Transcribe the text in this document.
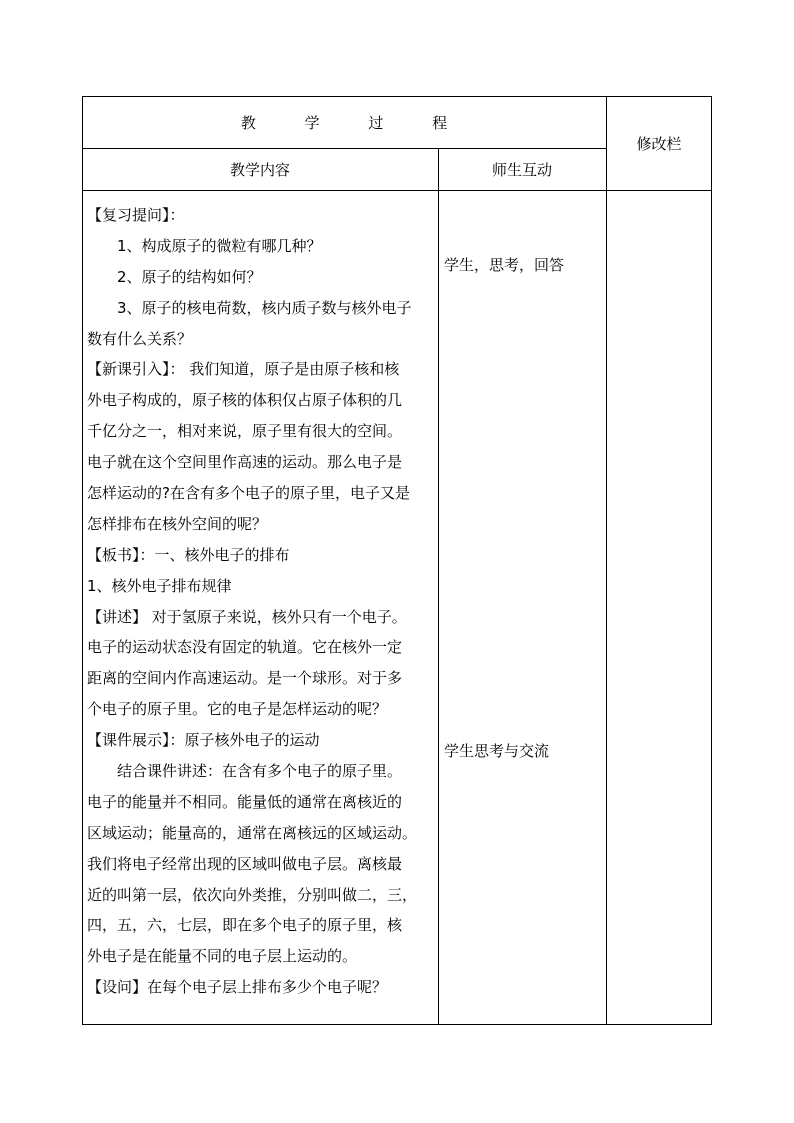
教 学 过 程
修改栏
教学内容	师生互动
【复习提问】：
1、构成原子的微粒有哪几种？
2、原子的结构如何？
3、原子的核电荷数，核内质子数与核外电子
数有什么关系？
【新课引入】： 我们知道，原子是由原子核和核
外电子构成的，原子核的体积仅占原子体积的几
千亿分之一，相对来说，原子里有很大的空间。
电子就在这个空间里作高速的运动。那么电子是
怎样运动的?在含有多个电子的原子里，电子又是
怎样排布在核外空间的呢？
【板书】：一、核外电子的排布
1、核外电子排布规律
【讲述】 对于氢原子来说，核外只有一个电子。
电子的运动状态没有固定的轨道。它在核外一定
距离的空间内作高速运动。是一个球形。对于多
个电子的原子里。它的电子是怎样运动的呢？
【课件展示】：原子核外电子的运动
结合课件讲述：在含有多个电子的原子里。
电子的能量并不相同。能量低的通常在离核近的
区域运动；能量高的，通常在离核远的区域运动。
我们将电子经常出现的区域叫做电子层。离核最
近的叫第一层，依次向外类推，分别叫做二，三，
四，五，六，七层，即在多个电子的原子里，核
外电子是在能量不同的电子层上运动的。
【设问】在每个电子层上排布多少个电子呢？
学生，思考，回答
学生思考与交流
